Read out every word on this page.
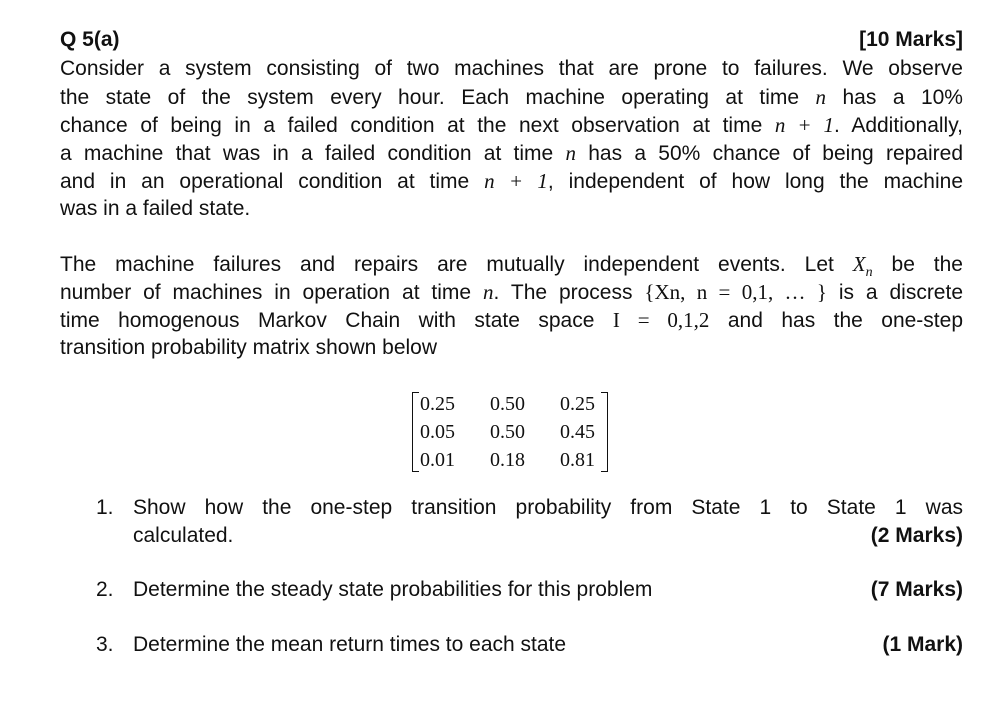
Q 5(a)	[10 Marks]
Consider a system consisting of two machines that are prone to failures. We observe
the state of the system every hour. Each machine operating at time n has a 10%
chance of being in a failed condition at the next observation at time n + 1. Additionally,
a machine that was in a failed condition at time n has a 50% chance of being repaired
and in an operational condition at time n + 1, independent of how long the machine
was in a failed state.
The machine failures and repairs are mutually independent events. Let $X_n$ be the
number of machines in operation at time n. The process {Xn, n = 0,1, … } is a discrete
time homogenous Markov Chain with state space I = 0,1,2 and has the one-step
transition probability matrix shown below
0.25	0.50	0.25
0.05	0.50	0.45
0.01	0.18	0.81
1. Show how the one-step transition probability from State 1 to State 1 was
calculated.	(2 Marks)
2. Determine the steady state probabilities for this problem	(7 Marks)
3. Determine the mean return times to each state	(1 Mark)
